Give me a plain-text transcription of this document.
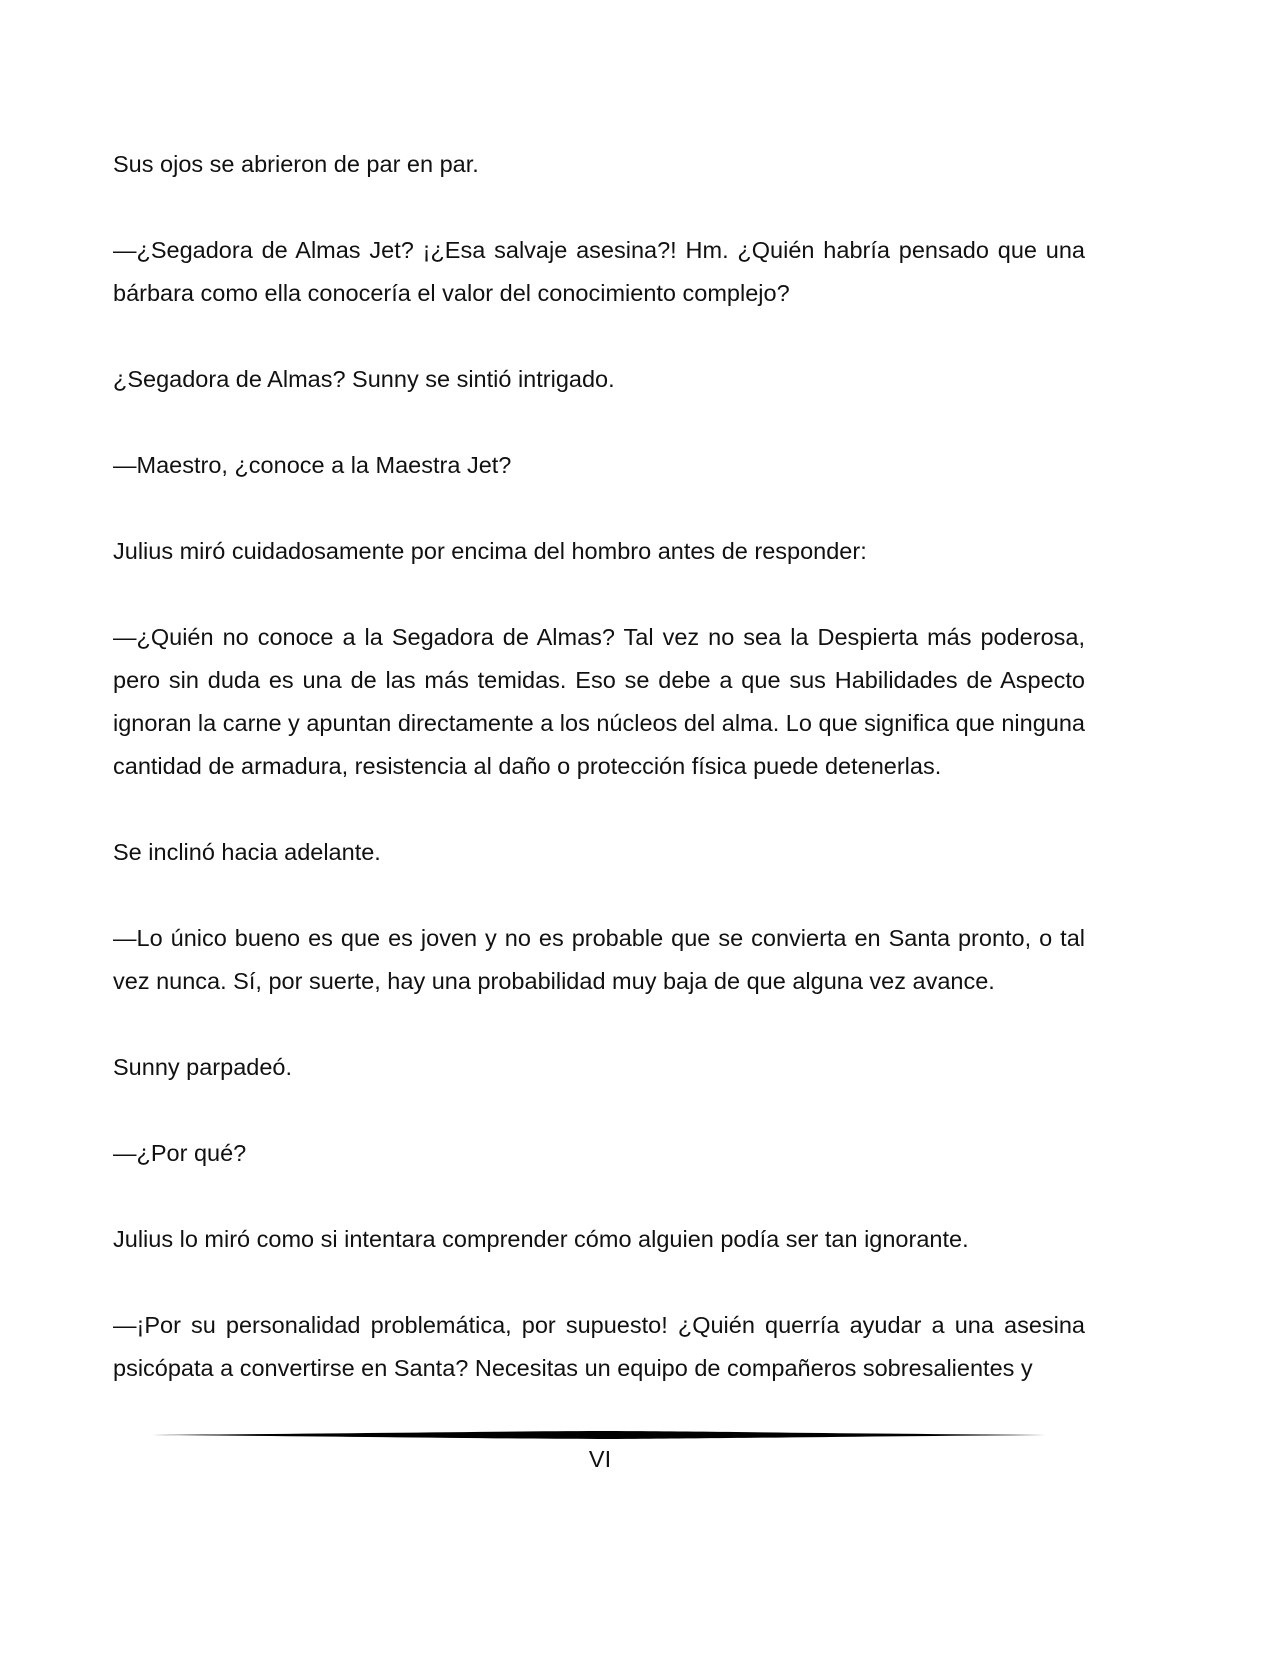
Sus ojos se abrieron de par en par.

—¿Segadora de Almas Jet? ¡¿Esa salvaje asesina?! Hm. ¿Quién habría pensado que una bárbara como ella conocería el valor del conocimiento complejo?

¿Segadora de Almas? Sunny se sintió intrigado.

—Maestro, ¿conoce a la Maestra Jet?

Julius miró cuidadosamente por encima del hombro antes de responder:

—¿Quién no conoce a la Segadora de Almas? Tal vez no sea la Despierta más poderosa, pero sin duda es una de las más temidas. Eso se debe a que sus Habilidades de Aspecto ignoran la carne y apuntan directamente a los núcleos del alma. Lo que significa que ninguna cantidad de armadura, resistencia al daño o protección física puede detenerlas.

Se inclinó hacia adelante.

—Lo único bueno es que es joven y no es probable que se convierta en Santa pronto, o tal vez nunca. Sí, por suerte, hay una probabilidad muy baja de que alguna vez avance.

Sunny parpadeó.

—¿Por qué?

Julius lo miró como si intentara comprender cómo alguien podía ser tan ignorante.

—¡Por su personalidad problemática, por supuesto! ¿Quién querría ayudar a una asesina psicópata a convertirse en Santa? Necesitas un equipo de compañeros sobresalientes y

VI
